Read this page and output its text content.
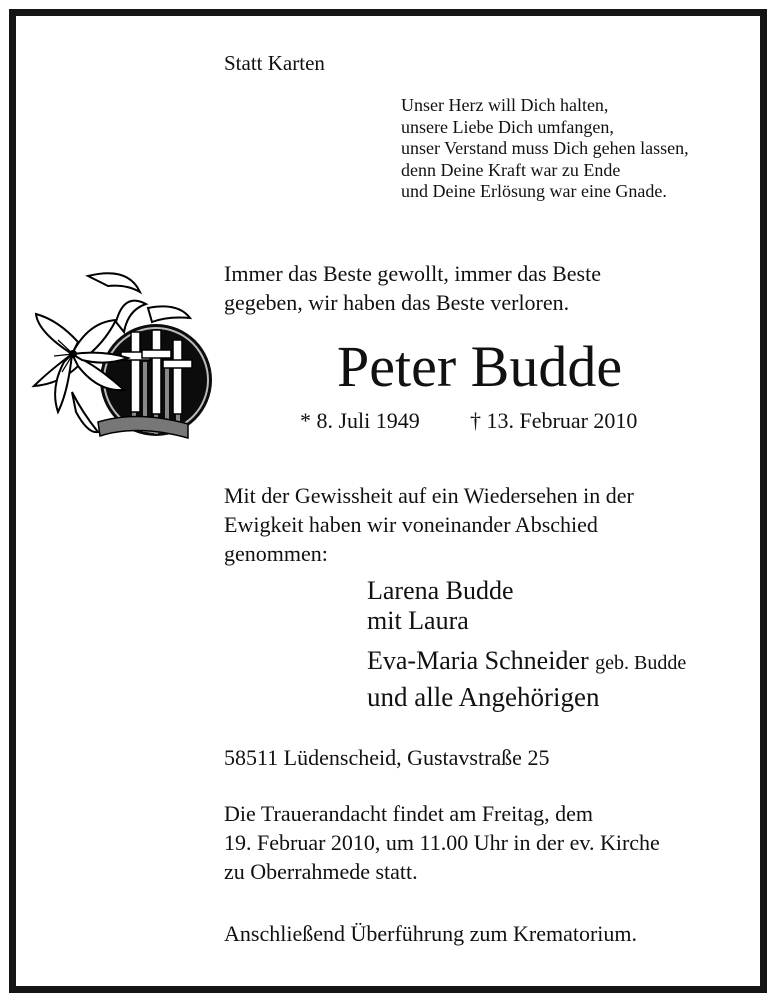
Statt Karten
Unser Herz will Dich halten,
unsere Liebe Dich umfangen,
unser Verstand muss Dich gehen lassen,
denn Deine Kraft war zu Ende
und Deine Erlösung war eine Gnade.
Immer das Beste gewollt, immer das Beste
gegeben, wir haben das Beste verloren.
Peter Budde
* 8. Juli 1949 † 13. Februar 2010
Mit der Gewissheit auf ein Wiedersehen in der
Ewigkeit haben wir voneinander Abschied
genommen:
Larena Budde
mit Laura
Eva-Maria Schneider geb. Budde
und alle Angehörigen
58511 Lüdenscheid, Gustavstraße 25
Die Trauerandacht findet am Freitag, dem
19. Februar 2010, um 11.00 Uhr in der ev. Kirche
zu Oberrahmede statt.
Anschließend Überführung zum Krematorium.
